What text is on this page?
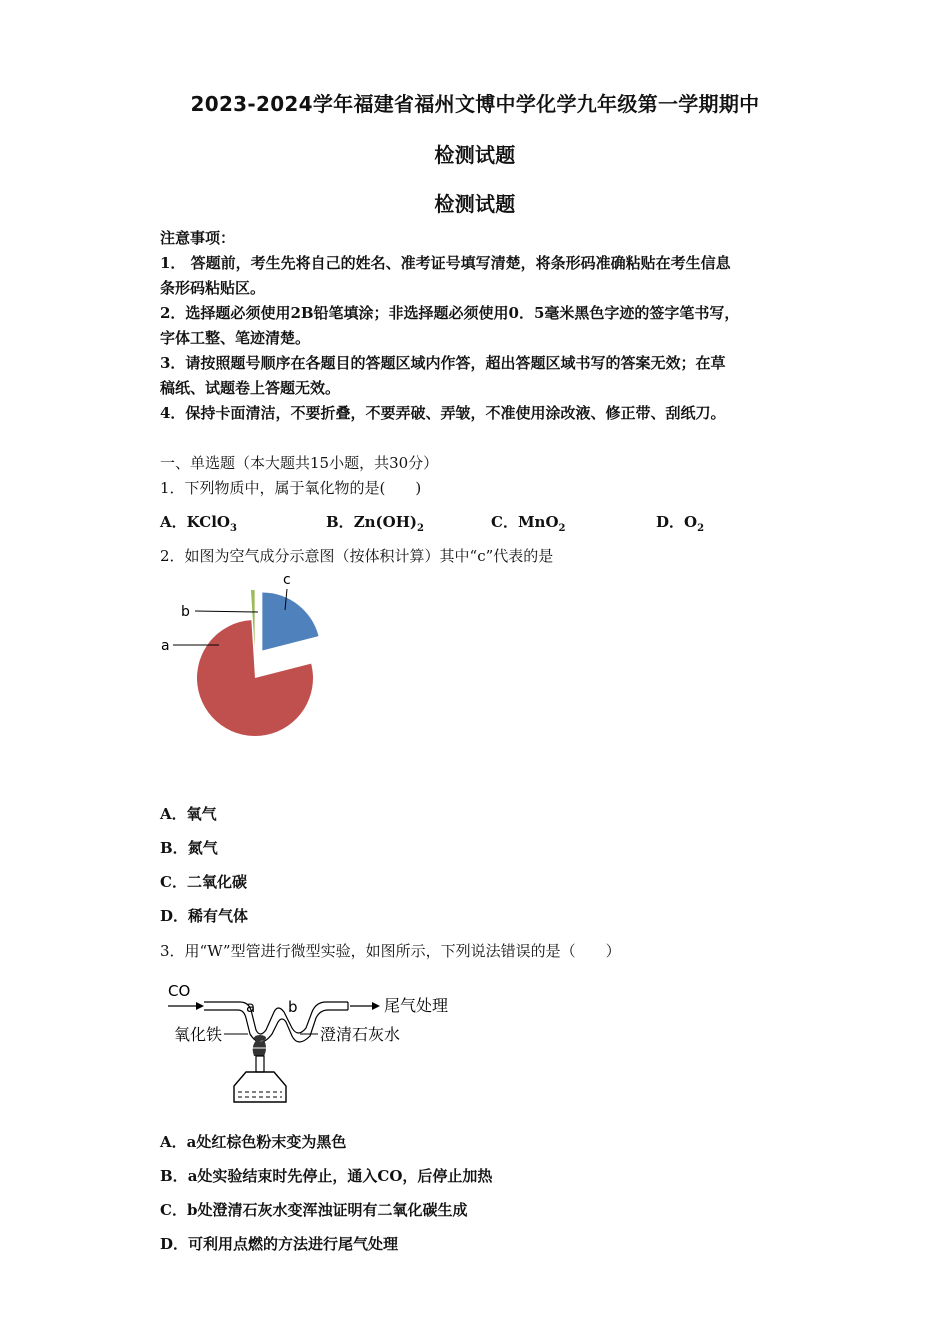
2023-2024学年福建省福州文博中学化学九年级第一学期期中
检测试题
检测试题
注意事项：
1． 答题前，考生先将自己的姓名、准考证号填写清楚，将条形码准确粘贴在考生信息
条形码粘贴区。
2．选择题必须使用2B铅笔填涂；非选择题必须使用0．5毫米黑色字迹的签字笔书写，
字体工整、笔迹清楚。
3．请按照题号顺序在各题目的答题区域内作答，超出答题区域书写的答案无效；在草
稿纸、试题卷上答题无效。
4．保持卡面清洁，不要折叠，不要弄破、弄皱，不准使用涂改液、修正带、刮纸刀。
一、单选题（本大题共15小题，共30分）
1．下列物质中，属于氧化物的是(　　)
A．KClO$_3$	B．$Zn(OH)_2$	C．MnO$_2$	D．$O_2$
2．如图为空气成分示意图（按体积计算）其中“c”代表的是
a
b
c
A．氧气
B．氮气
C．二氧化碳
D．稀有气体
3．用“W”型管进行微型实验，如图所示，下列说法错误的是（　　）
CO
a b	尾气处理
氧化铁	澄清石灰水
A．a处红棕色粉末变为黑色
B．a处实验结束时先停止，通入CO，后停止加热
C．b处澄清石灰水变浑浊证明有二氧化碳生成
D．可利用点燃的方法进行尾气处理
